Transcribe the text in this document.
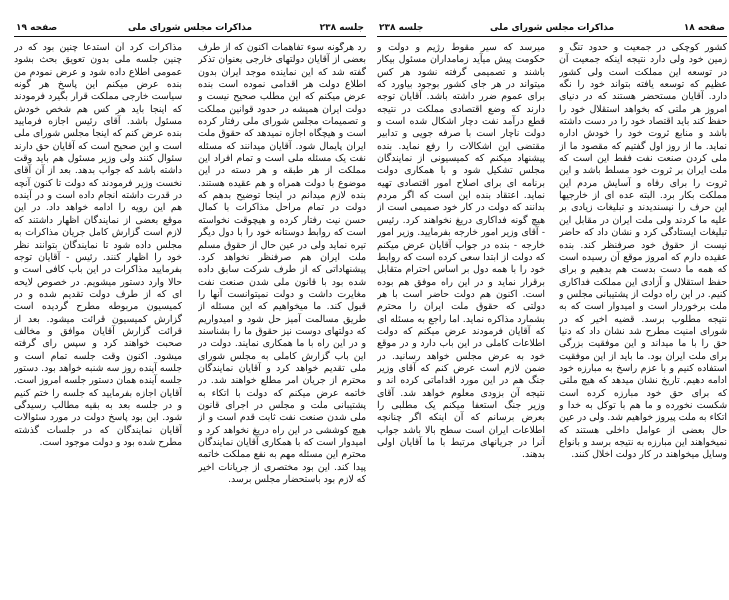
جلسه ۲۳۸
مذاکرات مجلس شورای ملی
صفحه ۱۹

رد هرگونه سوء تفاهمات اکنون که از طرف بعضی از آقایان دولتهای خارجی بعنوان تذکر گفته شد که این نماینده موجد ایران بدون اطلاع دولت هر اقدامی نموده است بنده عرض میکنم که این مطلب صحیح نیست و دولت ایران همیشه در حدود قوانین مملکت و تصمیمات مجلس شورای ملی رفتار کرده است و هیچگاه اجازه نمیدهد که حقوق ملت ایران پایمال شود. آقایان میدانند که مسئله نفت یک مسئله ملی است و تمام افراد این مملکت از هر طبقه و هر دسته در این موضوع با دولت همراه و هم عقیده هستند. بنده لازم میدانم در اینجا توضیح بدهم که دولت در تمام مراحل مذاکرات با کمال حسن نیت رفتار کرده و هیچوقت نخواسته است که روابط دوستانه خود را با دول دیگر تیره نماید ولی در عین حال از حقوق مسلم ملت ایران هم صرفنظر نخواهد کرد. پیشنهاداتی که از طرف شرکت سابق داده شده بود با قانون ملی شدن صنعت نفت مغایرت داشت و دولت نمیتوانست آنها را قبول کند. ما میخواهیم که این مسئله از طریق مسالمت آمیز حل شود و امیدواریم که دولتهای دوست نیز حقوق ما را بشناسند و در این راه با ما همکاری نمایند. دولت در این باب گزارش کاملی به مجلس شورای ملی تقدیم خواهد کرد و آقایان نمایندگان محترم از جریان امر مطلع خواهند شد. در خاتمه عرض میکنم که دولت با اتکاء به پشتیبانی ملت و مجلس در اجرای قانون ملی شدن صنعت نفت ثابت قدم است و از هیچ کوششی در این راه دریغ نخواهد کرد و امیدوار است که با همکاری آقایان نمایندگان محترم این مسئله مهم به نفع مملکت خاتمه پیدا کند. این بود مختصری از جریانات اخیر که لازم بود باستحضار مجلس برسد.

مذاکرات کرد آن استدعا چنین بود که در چنین جلسه ملی بدون تعویق بحث بشود عمومی اطلاع داده شود و عرض نمودم من بنده عرض میکنم این پاسخ هر گونه سیاست خارجی مملکت قرار بگیرد فرمودند که اینجا باید هر کس هم شخص خودش مسئول باشد. آقای رئیس اجازه فرمایید بنده عرض کنم که اینجا مجلس شورای ملی است و این صحیح است که آقایان حق دارند سئوال کنند ولی وزیر مسئول هم باید وقت داشته باشد که جواب بدهد. بعد از آن آقای نخست وزیر فرمودند که دولت تا کنون آنچه در قدرت داشته انجام داده است و در آینده هم این رویه را ادامه خواهد داد. در این موقع بعضی از نمایندگان اظهار داشتند که لازم است گزارش کامل جریان مذاکرات به مجلس داده شود تا نمایندگان بتوانند نظر خود را اظهار کنند. رئیس - آقایان توجه بفرمایید مذاکرات در این باب کافی است و حالا وارد دستور میشویم. در خصوص لایحه ای که از طرف دولت تقدیم شده و در کمیسیون مربوطه مطرح گردیده است گزارش کمیسیون قرائت میشود. بعد از قرائت گزارش آقایان موافق و مخالف صحبت خواهند کرد و سپس رای گرفته میشود. اکنون وقت جلسه تمام است و جلسه آینده روز سه شنبه خواهد بود. دستور جلسه آینده همان دستور جلسه امروز است. آقایان اجازه بفرمایید که جلسه را ختم کنیم و در جلسه بعد به بقیه مطالب رسیدگی شود. این بود پاسخ دولت در مورد سئوالات آقایان نمایندگان که در جلسات گذشته مطرح شده بود و دولت موجود است.

صفحه ۱۸
مذاکرات مجلس شورای ملی
جلسه ۲۳۸

کشور کوچکی در جمعیت و حدود تنگ و زمین خود ولی دارد نتیجه اینکه جمعیت آن در توسعه این مملکت است ولی کشور عظیم که توسعه یافته بتواند خود را نگه دارد. آقایان مستحضر هستند که در دنیای امروز هر ملتی که بخواهد استقلال خود را حفظ کند باید اقتصاد خود را در دست داشته باشد و منابع ثروت خود را خودش اداره نماید. ما از روز اول گفتیم که مقصود ما از ملی کردن صنعت نفت فقط این است که ملت ایران بر ثروت خود مسلط باشد و این ثروت را برای رفاه و آسایش مردم این مملکت بکار برد. البته عده ای از خارجیها این حرف را نپسندیدند و تبلیغات زیادی بر علیه ما کردند ولی ملت ایران در مقابل این تبلیغات ایستادگی کرد و نشان داد که حاضر نیست از حقوق خود صرفنظر کند. بنده عقیده دارم که امروز موقع آن رسیده است که همه ما دست بدست هم بدهیم و برای حفظ استقلال و آزادی این مملکت فداکاری کنیم. در این راه دولت از پشتیبانی مجلس و ملت برخوردار است و امیدوار است که به نتیجه مطلوب برسد. قضیه اخیر که در شورای امنیت مطرح شد نشان داد که دنیا حق را با ما میداند و این موفقیت بزرگی برای ملت ایران بود. ما باید از این موفقیت استفاده کنیم و با عزم راسخ به مبارزه خود ادامه دهیم. تاریخ نشان میدهد که هیچ ملتی که برای حق خود مبارزه کرده است شکست نخورده و ما هم با توکل به خدا و اتکاء به ملت پیروز خواهیم شد. ولی در عین حال بعضی از عوامل داخلی هستند که نمیخواهند این مبارزه به نتیجه برسد و بانواع وسایل میخواهند در کار دولت اخلال کنند.

میرسد که سیر مقوط رژیم و دولت و حکومت پیش میآید زمامداران مسئول بیکار باشند و تصمیمی گرفته نشود هر کس میتواند در هر جای کشور بوجود بیاورد که برای عموم ضرر داشته باشد. آقایان توجه دارند که وضع اقتصادی مملکت در نتیجه قطع درآمد نفت دچار اشکال شده است و دولت ناچار است با صرفه جویی و تدابیر مقتضی این اشکالات را رفع نماید. بنده پیشنهاد میکنم که کمیسیونی از نمایندگان مجلس تشکیل شود و با همکاری دولت برنامه ای برای اصلاح امور اقتصادی تهیه نماید. اعتقاد بنده این است که اگر مردم بدانند که دولت در کار خود صمیمی است از هیچ گونه فداکاری دریغ نخواهند کرد. رئیس - آقای وزیر امور خارجه بفرمایید. وزیر امور خارجه - بنده در جواب آقایان عرض میکنم که دولت از ابتدا سعی کرده است که روابط خود را با همه دول بر اساس احترام متقابل برقرار نماید و در این راه موفق هم بوده است. اکنون هم دولت حاضر است با هر دولتی که حقوق ملت ایران را محترم بشمارد مذاکره نماید. اما راجع به مسئله ای که آقایان فرمودند عرض میکنم که دولت اطلاعات کاملی در این باب دارد و در موقع خود به عرض مجلس خواهد رسانید. در ضمن لازم است عرض کنم که آقای وزیر جنگ هم در این مورد اقداماتی کرده اند و نتیجه آن بزودی معلوم خواهد شد. آقای وزیر جنگ استعفا میکنم یک مطلبی را بعرض برسانم که آن اینکه اگر چنانچه اطلاعات ایران است سطح بالا باشد جواب آنرا در جریانهای مرتبط با ما آقایان اولی بدهند.
